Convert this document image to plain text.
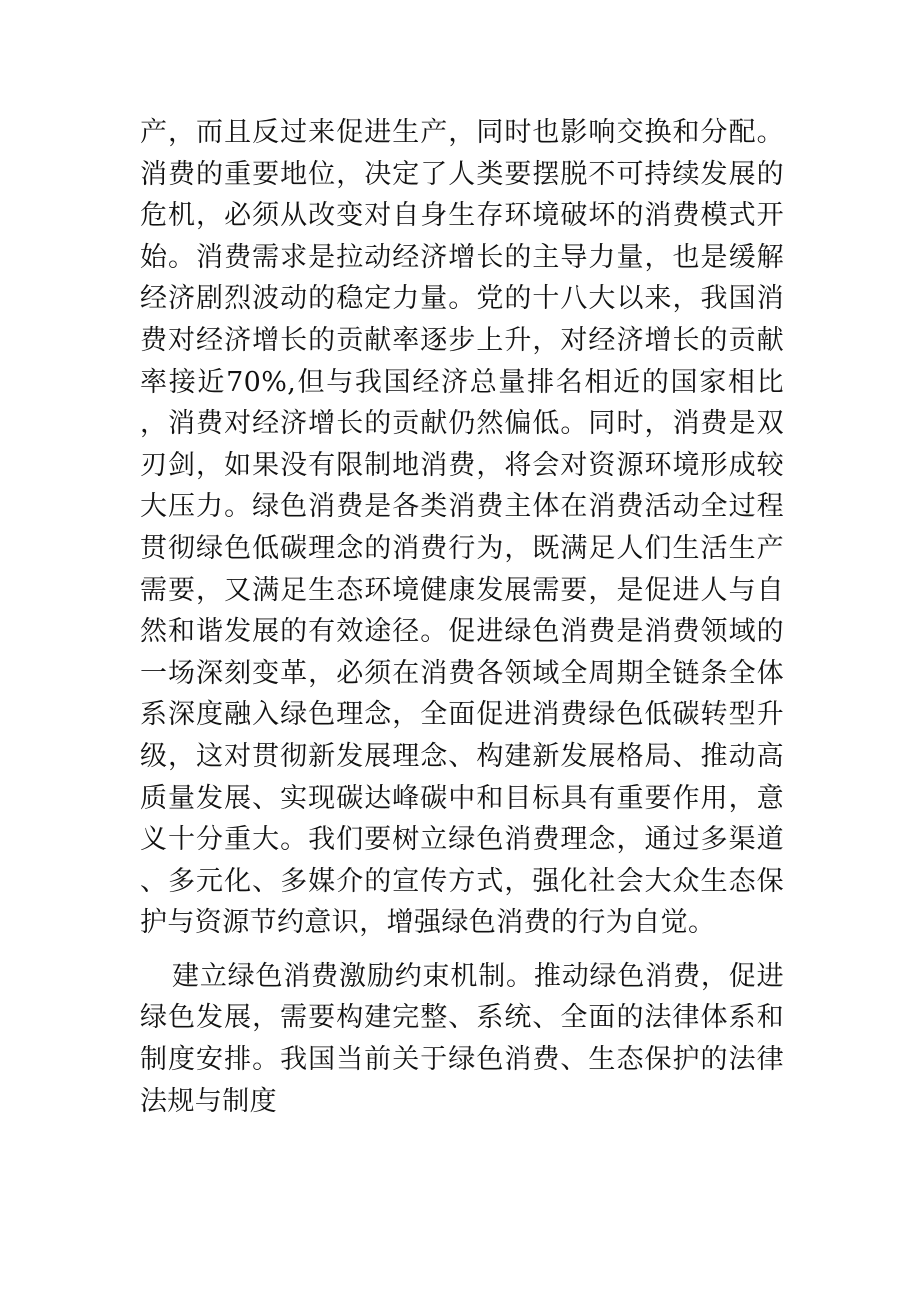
产，而且反过来促进生产，同时也影响交换和分配。消费的重要地位，决定了人类要摆脱不可持续发展的危机，必须从改变对自身生存环境破坏的消费模式开始。消费需求是拉动经济增长的主导力量，也是缓解经济剧烈波动的稳定力量。党的十八大以来，我国消费对经济增长的贡献率逐步上升，对经济增长的贡献率接近70%,但与我国经济总量排名相近的国家相比，消费对经济增长的贡献仍然偏低。同时，消费是双刃剑，如果没有限制地消费，将会对资源环境形成较大压力。绿色消费是各类消费主体在消费活动全过程贯彻绿色低碳理念的消费行为，既满足人们生活生产需要，又满足生态环境健康发展需要，是促进人与自然和谐发展的有效途径。促进绿色消费是消费领域的一场深刻变革，必须在消费各领域全周期全链条全体系深度融入绿色理念，全面促进消费绿色低碳转型升级，这对贯彻新发展理念、构建新发展格局、推动高质量发展、实现碳达峰碳中和目标具有重要作用，意义十分重大。我们要树立绿色消费理念，通过多渠道、多元化、多媒介的宣传方式，强化社会大众生态保护与资源节约意识，增强绿色消费的行为自觉。

建立绿色消费激励约束机制。推动绿色消费，促进绿色发展，需要构建完整、系统、全面的法律体系和制度安排。我国当前关于绿色消费、生态保护的法律法规与制度
